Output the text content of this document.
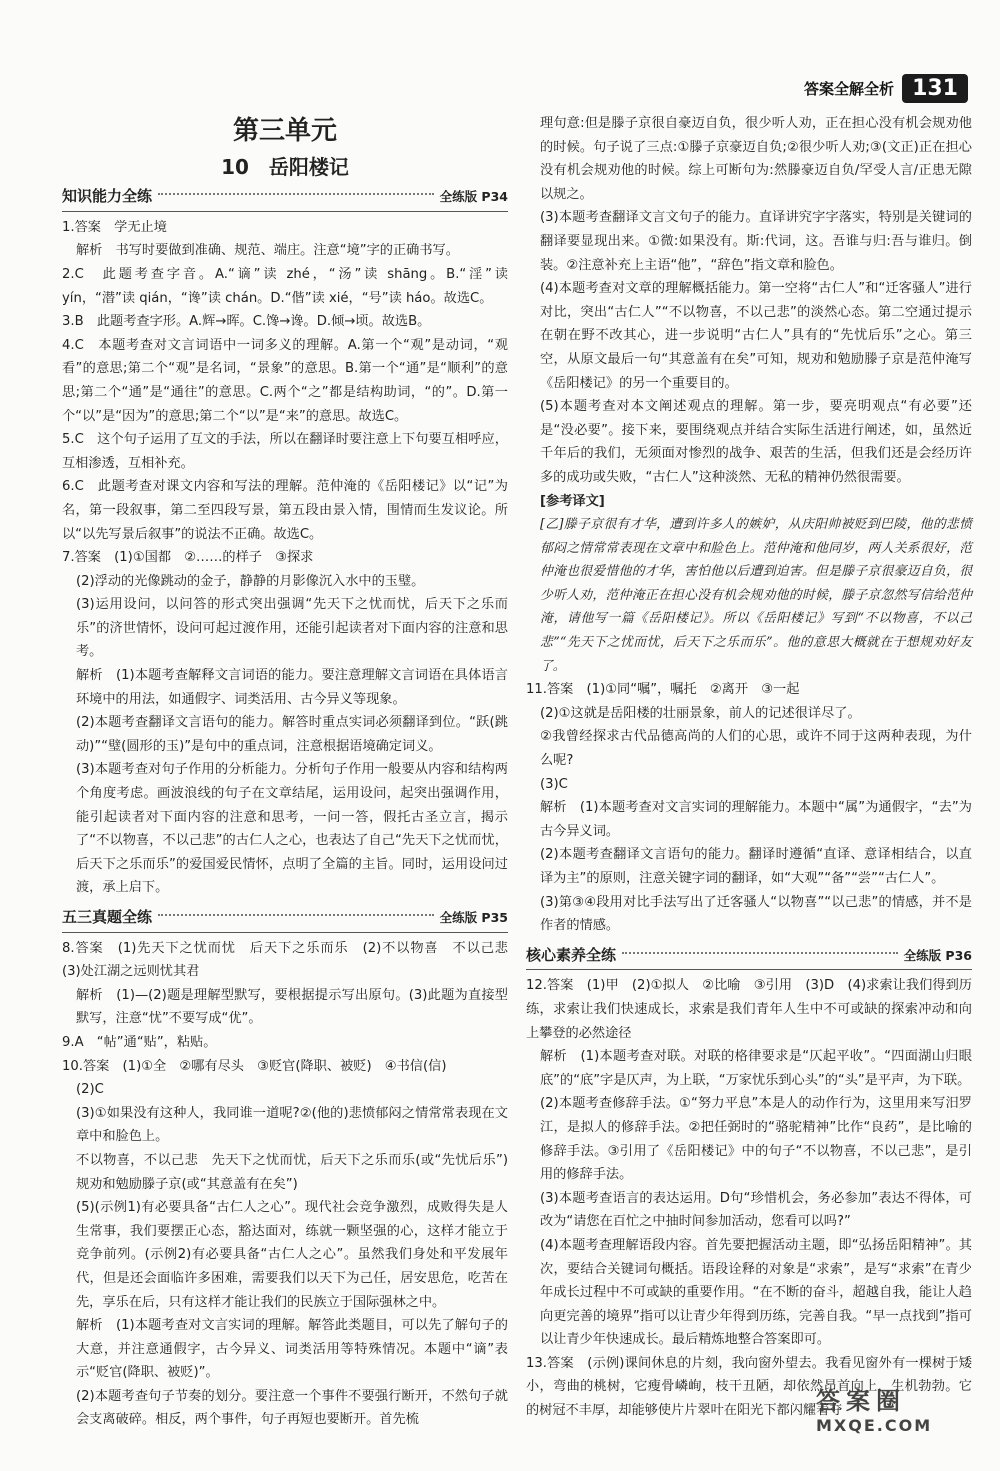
答案全解全析 131
第三单元
10　岳阳楼记
知识能力全练	全练版 P34

1.答案　学无止境

解析　书写时要做到准确、规范、端庄。注意“境”字的正确书写。

2.C　此题考查字音。A.“谪”读 zhé，“汤”读 shāng。B.“淫”读 yín，“潜”读 qián，“谗”读 chán。D.“偕”读 xié，“号”读 háo。故选C。

3.B　此题考查字形。A.辉→晖。C.馋→谗。D.倾→顷。故选B。

4.C　本题考查对文言词语中一词多义的理解。A.第一个“观”是动词，“观看”的意思;第二个“观”是名词，“景象”的意思。B.第一个“通”是“顺利”的意思;第二个“通”是“通往”的意思。C.两个“之”都是结构助词，“的”。D.第一个“以”是“因为”的意思;第二个“以”是“来”的意思。故选C。

5.C　这个句子运用了互文的手法，所以在翻译时要注意上下句要互相呼应，互相渗透，互相补充。

6.C　此题考查对课文内容和写法的理解。范仲淹的《岳阳楼记》以“记”为名，第一段叙事，第二至四段写景，第五段由景入情，围情而生发议论。所以“以先写景后叙事”的说法不正确。故选C。

7.答案　(1)①国都　②……的样子　③探求

(2)浮动的光像跳动的金子，静静的月影像沉入水中的玉璧。

(3)运用设问，以问答的形式突出强调“先天下之忧而忧，后天下之乐而乐”的济世情怀，设问可起过渡作用，还能引起读者对下面内容的注意和思考。

解析　(1)本题考查解释文言词语的能力。要注意理解文言词语在具体语言环境中的用法，如通假字、词类活用、古今异义等现象。

(2)本题考查翻译文言语句的能力。解答时重点实词必须翻译到位。“跃(跳动)”“璧(圆形的玉)”是句中的重点词，注意根据语境确定词义。

(3)本题考查对句子作用的分析能力。分析句子作用一般要从内容和结构两个角度考虑。画波浪线的句子在文章结尾，运用设问，起突出强调作用，能引起读者对下面内容的注意和思考，一问一答，假托古圣立言，揭示了“不以物喜，不以己悲”的古仁人之心，也表达了自己“先天下之忧而忧，后天下之乐而乐”的爱国爱民情怀，点明了全篇的主旨。同时，运用设问过渡，承上启下。

五三真题全练	全练版 P35

8.答案　(1)先天下之忧而忧　后天下之乐而乐　(2)不以物喜　不以己悲　(3)处江湖之远则忧其君

解析　(1)—(2)题是理解型默写，要根据提示写出原句。(3)此题为直接型默写，注意“忧”不要写成“优”。

9.A　“帖”通“贴”，粘贴。

10.答案　(1)①全　②哪有尽头　③贬官(降职、被贬)　④书信(信)

(2)C

(3)①如果没有这种人，我同谁一道呢?②(他的)悲愤郁闷之情常常表现在文章中和脸色上。

不以物喜，不以己悲　先天下之忧而忧，后天下之乐而乐(或“先忧后乐”)　规劝和勉励滕子京(或“其意盖有在矣”)

(5)(示例1)有必要具备“古仁人之心”。现代社会竞争激烈，成败得失是人生常事，我们要摆正心态，豁达面对，练就一颗坚强的心，这样才能立于竞争前列。(示例2)有必要具备“古仁人之心”。虽然我们身处和平发展年代，但是还会面临许多困难，需要我们以天下为己任，居安思危，吃苦在先，享乐在后，只有这样才能让我们的民族立于国际强林之中。

解析　(1)本题考查对文言实词的理解。解答此类题目，可以先了解句子的大意，并注意通假字，古今异义、词类活用等特殊情况。本题中“谪”表示“贬官(降职、被贬)”。

(2)本题考查句子节奏的划分。要注意一个事件不要强行断开，不然句子就会支离破碎。相反，两个事件，句子再短也要断开。首先梳

理句意:但是滕子京很自豪迈自负，很少听人劝，正在担心没有机会规劝他的时候。句子说了三点:①滕子京豪迈自负;②很少听人劝;③(文正)正在担心没有机会规劝他的时候。综上可断句为:然滕豪迈自负/罕受人言/正患无隙以规之。

(3)本题考查翻译文言文句子的能力。直译讲究字字落实，特别是关键词的翻译要显现出来。①微:如果没有。斯:代词，这。吾谁与归:吾与谁归。倒装。②注意补充上主语“他”，“辞色”指文章和脸色。

(4)本题考查对文章的理解概括能力。第一空将“古仁人”和“迁客骚人”进行对比，突出“古仁人”“不以物喜，不以己悲”的淡然心态。第二空通过提示在朝在野不改其心，进一步说明“古仁人”具有的“先忧后乐”之心。第三空，从原文最后一句“其意盖有在矣”可知，规劝和勉励滕子京是范仲淹写《岳阳楼记》的另一个重要目的。

(5)本题考查对本文阐述观点的理解。第一步，要亮明观点“有必要”还是“没必要”。接下来，要围绕观点并结合实际生活进行阐述，如，虽然近千年后的我们，无须面对惨烈的战争、艰苦的生活，但我们还是会经历许多的成功或失败，“古仁人”这种淡然、无私的精神仍然很需要。

[参考译文]

[乙]滕子京很有才华，遭到许多人的嫉妒，从庆阳帅被贬到巴陵，他的悲愤郁闷之情常常表现在文章中和脸色上。范仲淹和他同岁，两人关系很好，范仲淹也很爱惜他的才华，害怕他以后遭到迫害。但是滕子京很豪迈自负，很少听人劝，范仲淹正在担心没有机会规劝他的时候，滕子京忽然写信给范仲淹，请他写一篇《岳阳楼记》。所以《岳阳楼记》写到“不以物喜，不以己悲”“先天下之忧而忧，后天下之乐而乐”。他的意思大概就在于想规劝好友了。

11.答案　(1)①同“嘱”，嘱托　②离开　③一起

(2)①这就是岳阳楼的壮丽景象，前人的记述很详尽了。

②我曾经探求古代品德高尚的人们的心思，或许不同于这两种表现，为什么呢?

(3)C

解析　(1)本题考查对文言实词的理解能力。本题中“属”为通假字，“去”为古今异义词。

(2)本题考查翻译文言语句的能力。翻译时遵循“直译、意译相结合，以直译为主”的原则，注意关键字词的翻译，如“大观”“备”“尝”“古仁人”。

(3)第③④段用对比手法写出了迁客骚人“以物喜”“以己悲”的情感，并不是作者的情感。

核心素养全练	全练版 P36

12.答案　(1)甲　(2)①拟人　②比喻　③引用　(3)D　(4)求索让我们得到历练，求索让我们快速成长，求索是我们青年人生中不可或缺的探索冲动和向上攀登的必然途径

解析　(1)本题考查对联。对联的格律要求是“仄起平收”。“四面湖山归眼底”的“底”字是仄声，为上联，“万家忧乐到心头”的“头”是平声，为下联。

(2)本题考查修辞手法。①“努力平息”本是人的动作行为，这里用来写汨罗江，是拟人的修辞手法。②把任弼时的“骆驼精神”比作“良药”，是比喻的修辞手法。③引用了《岳阳楼记》中的句子“不以物喜，不以己悲”，是引用的修辞手法。

(3)本题考查语言的表达运用。D句“珍惜机会，务必参加”表达不得体，可改为“请您在百忙之中抽时间参加活动，您看可以吗?”

(4)本题考查理解语段内容。首先要把握活动主题，即“弘扬岳阳精神”。其次，要结合关键词句概括。语段诠释的对象是“求索”，是写“求索”在青少年成长过程中不可或缺的重要作用。“在不断的奋斗，超越自我，能让人趋向更完善的境界”指可以让青少年得到历练，完善自我。“早一点找到”指可以让青少年快速成长。最后精炼地整合答案即可。

13.答案　(示例)课间休息的片刻，我向窗外望去。我看见窗外有一棵树于矮小，弯曲的桃树，它瘦骨嶙峋，枝干丑陋，却依然昂首向上，生机勃勃。它的树冠不丰厚，却能够使片片翠叶在阳光下都闪耀着夺

答案圈
MXQE.COM
